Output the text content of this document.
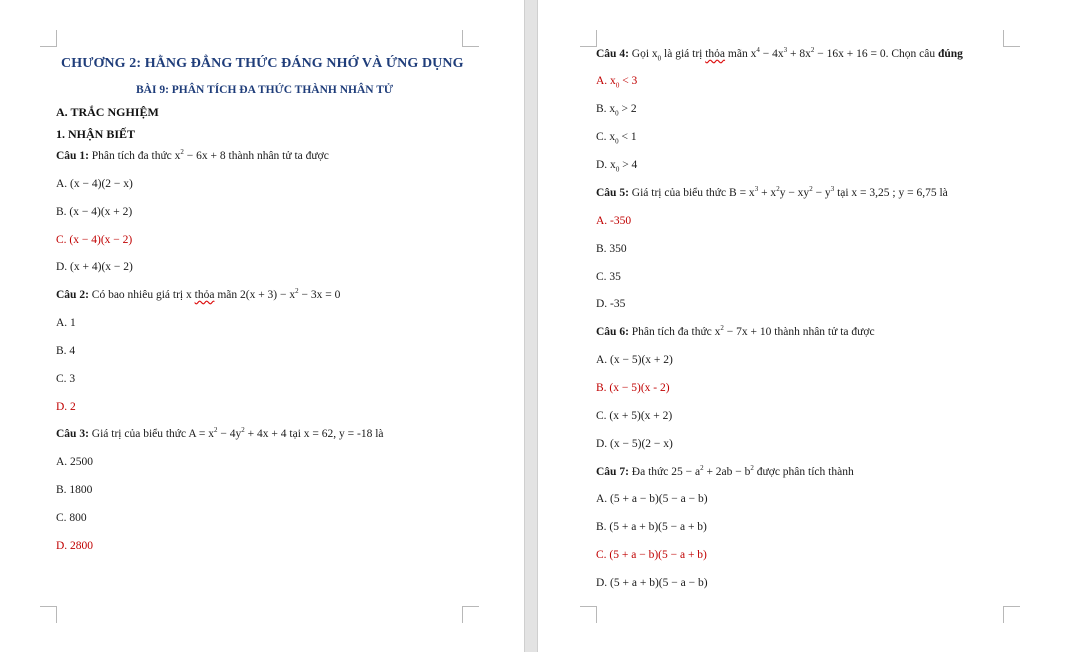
CHƯƠNG 2: HẰNG ĐẲNG THỨC ĐÁNG NHỚ VÀ ỨNG DỤNG
BÀI 9: PHÂN TÍCH ĐA THỨC THÀNH NHÂN TỬ
A. TRẮC NGHIỆM
1. NHẬN BIẾT
Câu 1: Phân tích đa thức $x^2 - 6x + 8$ thành nhân tử ta được
A. (x − 4)(2 − x)
B. (x − 4)(x + 2)
C. (x − 4)(x − 2)
D. (x + 4)(x − 2)
Câu 2: Có bao nhiêu giá trị x thỏa mãn $2(x + 3) - x^2 - 3x = 0$
A. 1
B. 4
C. 3
D. 2
Câu 3: Giá trị của biểu thức $A = x^2 - 4y^2 + 4x + 4$ tại x = 62, y = -18 là
A. 2500
B. 1800
C. 800
D. 2800
Câu 4: Gọi $x_0$ là giá trị thỏa mãn $x^4 - 4x^3 + 8x^2 - 16x + 16 = 0$. Chọn câu đúng
A. $x_0 < 3$
B. $x_0 > 2$
C. $x_0 < 1$
D. $x_0 > 4$
Câu 5: Giá trị của biểu thức $B = x^3 + x^2y - xy^2 - y^3$ tại x = 3,25 ; y = 6,75 là
A. -350
B. 350
C. 35
D. -35
Câu 6: Phân tích đa thức $x^2 - 7x + 10$ thành nhân tử ta được
A. (x − 5)(x + 2)
B. (x − 5)(x - 2)
C. (x + 5)(x + 2)
D. (x − 5)(2 − x)
Câu 7: Đa thức $25 - a^2 + 2ab - b^2$ được phân tích thành
A. (5 + a − b)(5 − a − b)
B. (5 + a + b)(5 − a + b)
C. (5 + a − b)(5 − a + b)
D. (5 + a + b)(5 − a − b)
